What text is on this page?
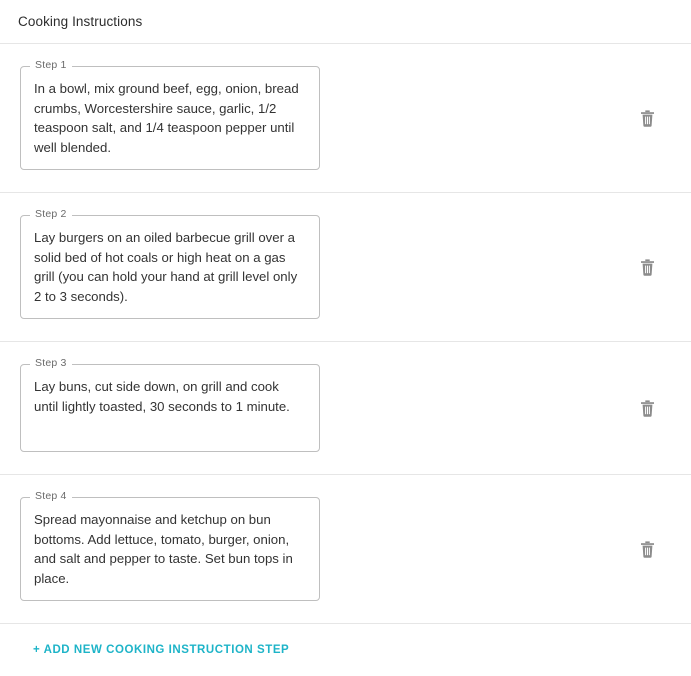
Cooking Instructions

In a bowl, mix ground beef, egg, onion, bread crumbs, Worcestershire sauce, garlic, 1/2 teaspoon salt, and 1/4 teaspoon pepper until well blended.

Step 1

Lay burgers on an oiled barbecue grill over a solid bed of hot coals or high heat on a gas grill (you can hold your hand at grill level only 2 to 3 seconds).

Step 2

Lay buns, cut side down, on grill and cook until lightly toasted, 30 seconds to 1 minute.

Step 3

Spread mayonnaise and ketchup on bun bottoms. Add lettuce, tomato, burger, onion, and salt and pepper to taste. Set bun tops in place.

Step 4
+ ADD NEW COOKING INSTRUCTION STEP
